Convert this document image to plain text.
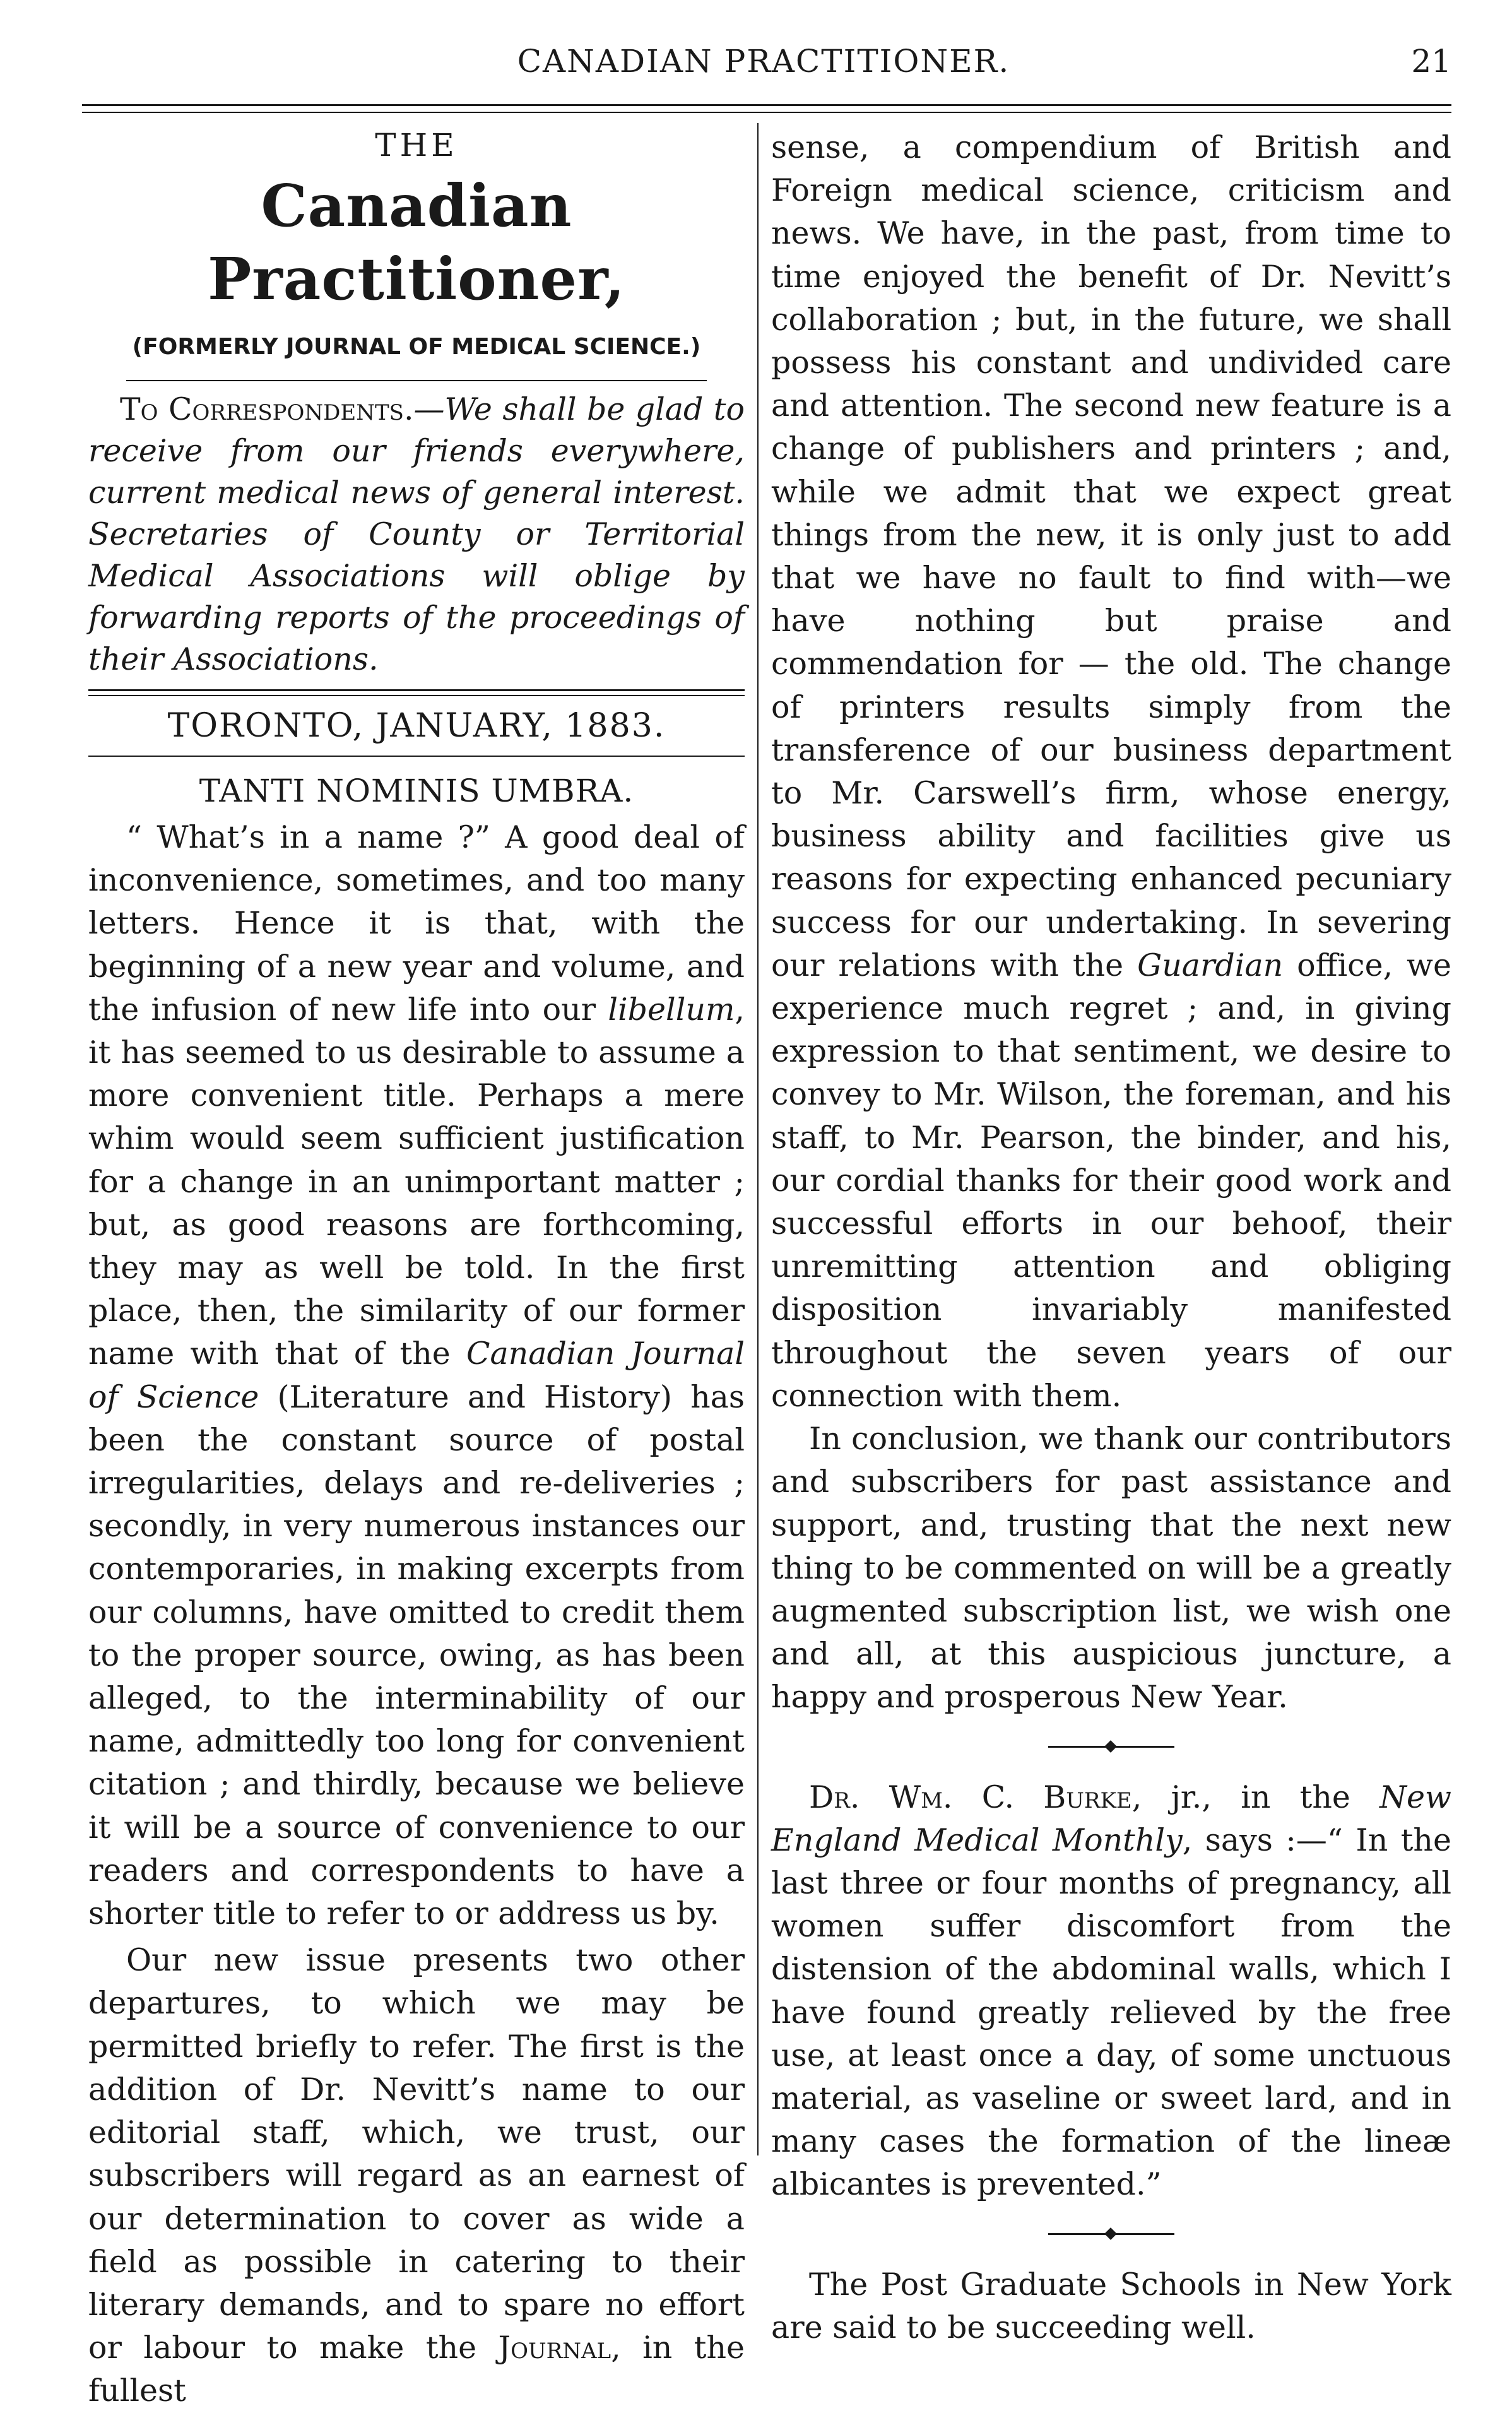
CANADIAN PRACTITIONER.	21
THE
Canadian Practitioner,
(FORMERLY JOURNAL OF MEDICAL SCIENCE.)

To Correspondents.—We shall be glad to receive from our friends everywhere, current medical news of general interest. Secretaries of County or Territorial Medical Associations will oblige by forwarding reports of the proceedings of their Associations.

TORONTO, JANUARY, 1883.
TANTI NOMINIS UMBRA.

“ What’s in a name ?” A good deal of inconvenience, sometimes, and too many letters. Hence it is that, with the beginning of a new year and volume, and the infusion of new life into our libellum, it has seemed to us desirable to assume a more convenient title. Perhaps a mere whim would seem sufficient justification for a change in an unimportant matter ; but, as good reasons are forthcoming, they may as well be told. In the first place, then, the similarity of our former name with that of the Canadian Journal of Science (Literature and History) has been the constant source of postal irregularities, delays and re-deliveries ; secondly, in very numerous instances our contemporaries, in making excerpts from our columns, have omitted to credit them to the proper source, owing, as has been alleged, to the interminability of our name, admittedly too long for convenient citation ; and thirdly, because we believe it will be a source of convenience to our readers and correspondents to have a shorter title to refer to or address us by.

Our new issue presents two other departures, to which we may be permitted briefly to refer. The first is the addition of Dr. Nevitt’s name to our editorial staff, which, we trust, our subscribers will regard as an earnest of our determination to cover as wide a field as possible in catering to their literary demands, and to spare no effort or labour to make the Journal, in the fullest

sense, a compendium of British and Foreign medical science, criticism and news. We have, in the past, from time to time enjoyed the benefit of Dr. Nevitt’s collaboration ; but, in the future, we shall possess his constant and undivided care and attention. The second new feature is a change of publishers and printers ; and, while we admit that we expect great things from the new, it is only just to add that we have no fault to find with—we have nothing but praise and commendation for — the old. The change of printers results simply from the transference of our business department to Mr. Carswell’s firm, whose energy, business ability and facilities give us reasons for expecting enhanced pecuniary success for our undertaking. In severing our relations with the Guardian office, we experience much regret ; and, in giving expression to that sentiment, we desire to convey to Mr. Wilson, the foreman, and his staff, to Mr. Pearson, the binder, and his, our cordial thanks for their good work and successful efforts in our behoof, their unremitting attention and obliging disposition invariably manifested throughout the seven years of our connection with them.

In conclusion, we thank our contributors and subscribers for past assistance and support, and, trusting that the next new thing to be commented on will be a greatly augmented subscription list, we wish one and all, at this auspicious juncture, a happy and prosperous New Year.

Dr. Wm. C. Burke, jr., in the New England Medical Monthly, says :—“ In the last three or four months of pregnancy, all women suffer discomfort from the distension of the abdominal walls, which I have found greatly relieved by the free use, at least once a day, of some unctuous material, as vaseline or sweet lard, and in many cases the formation of the lineæ albicantes is prevented.”

The Post Graduate Schools in New York are said to be succeeding well.
